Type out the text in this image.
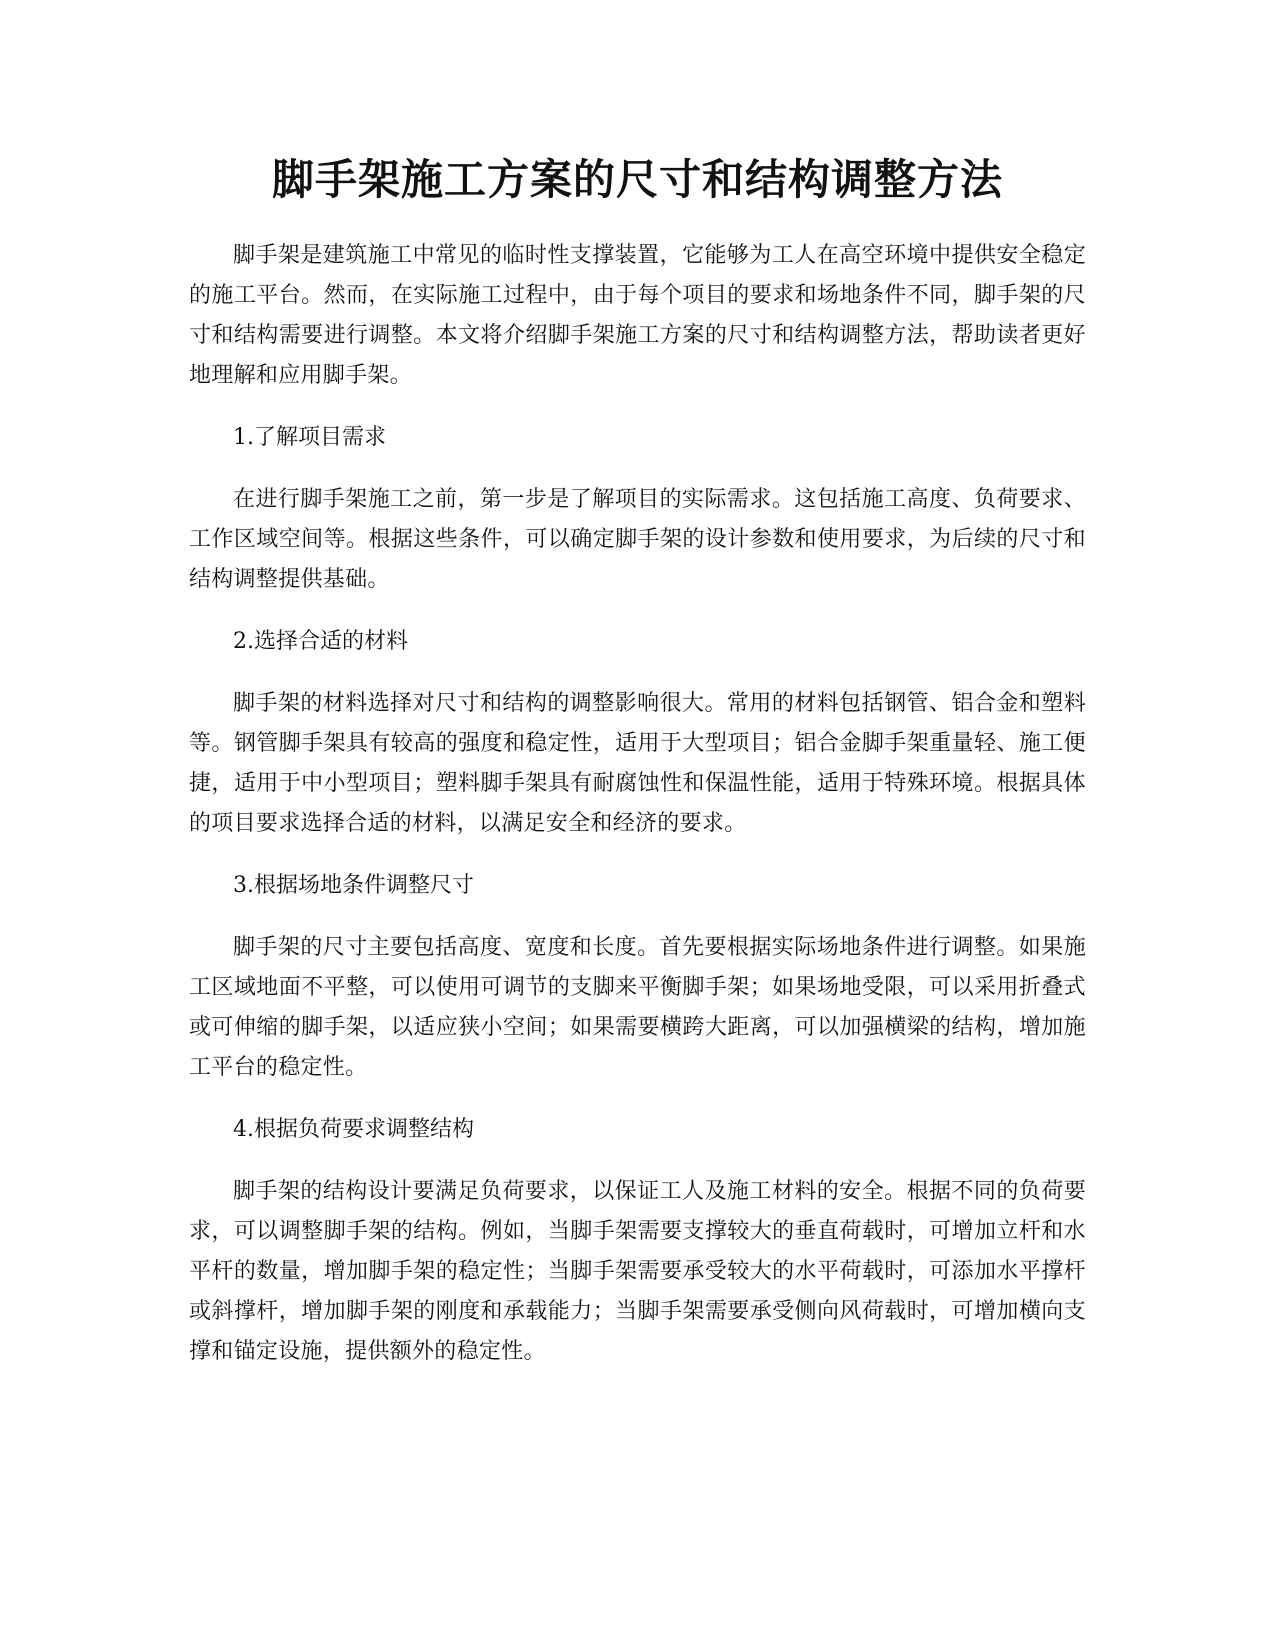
脚手架施工方案的尺寸和结构调整方法

脚手架是建筑施工中常见的临时性支撑装置，它能够为工人在高空环境中提供安全稳定的施工平台。然而，在实际施工过程中，由于每个项目的要求和场地条件不同，脚手架的尺寸和结构需要进行调整。本文将介绍脚手架施工方案的尺寸和结构调整方法，帮助读者更好地理解和应用脚手架。

1.了解项目需求

在进行脚手架施工之前，第一步是了解项目的实际需求。这包括施工高度、负荷要求、工作区域空间等。根据这些条件，可以确定脚手架的设计参数和使用要求，为后续的尺寸和结构调整提供基础。

2.选择合适的材料

脚手架的材料选择对尺寸和结构的调整影响很大。常用的材料包括钢管、铝合金和塑料等。钢管脚手架具有较高的强度和稳定性，适用于大型项目；铝合金脚手架重量轻、施工便捷，适用于中小型项目；塑料脚手架具有耐腐蚀性和保温性能，适用于特殊环境。根据具体的项目要求选择合适的材料，以满足安全和经济的要求。

3.根据场地条件调整尺寸

脚手架的尺寸主要包括高度、宽度和长度。首先要根据实际场地条件进行调整。如果施工区域地面不平整，可以使用可调节的支脚来平衡脚手架；如果场地受限，可以采用折叠式或可伸缩的脚手架，以适应狭小空间；如果需要横跨大距离，可以加强横梁的结构，增加施工平台的稳定性。

4.根据负荷要求调整结构

脚手架的结构设计要满足负荷要求，以保证工人及施工材料的安全。根据不同的负荷要求，可以调整脚手架的结构。例如，当脚手架需要支撑较大的垂直荷载时，可增加立杆和水平杆的数量，增加脚手架的稳定性；当脚手架需要承受较大的水平荷载时，可添加水平撑杆或斜撑杆，增加脚手架的刚度和承载能力；当脚手架需要承受侧向风荷载时，可增加横向支撑和锚定设施，提供额外的稳定性。
